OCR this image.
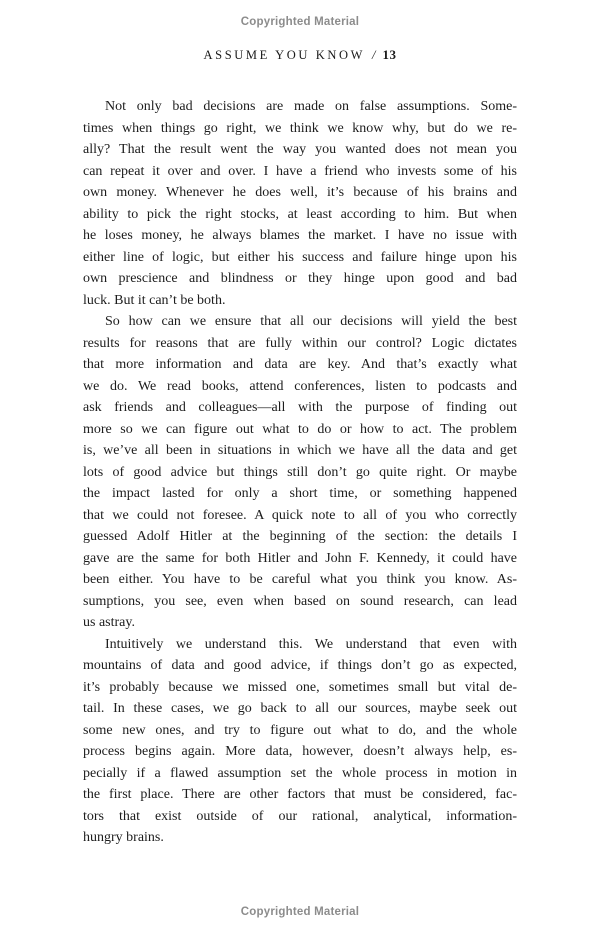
Copyrighted Material
ASSUME YOU KNOW / 13
Not only bad decisions are made on false assumptions. Some-
times when things go right, we think we know why, but do we re-
ally? That the result went the way you wanted does not mean you
can repeat it over and over. I have a friend who invests some of his
own money. Whenever he does well, it’s because of his brains and
ability to pick the right stocks, at least according to him. But when
he loses money, he always blames the market. I have no issue with
either line of logic, but either his success and failure hinge upon his
own prescience and blindness or they hinge upon good and bad
luck. But it can’t be both.
So how can we ensure that all our decisions will yield the best
results for reasons that are fully within our control? Logic dictates
that more information and data are key. And that’s exactly what
we do. We read books, attend conferences, listen to podcasts and
ask friends and colleagues—all with the purpose of finding out
more so we can figure out what to do or how to act. The problem
is, we’ve all been in situations in which we have all the data and get
lots of good advice but things still don’t go quite right. Or maybe
the impact lasted for only a short time, or something happened
that we could not foresee. A quick note to all of you who correctly
guessed Adolf Hitler at the beginning of the section: the details I
gave are the same for both Hitler and John F. Kennedy, it could have
been either. You have to be careful what you think you know. As-
sumptions, you see, even when based on sound research, can lead
us astray.
Intuitively we understand this. We understand that even with
mountains of data and good advice, if things don’t go as expected,
it’s probably because we missed one, sometimes small but vital de-
tail. In these cases, we go back to all our sources, maybe seek out
some new ones, and try to figure out what to do, and the whole
process begins again. More data, however, doesn’t always help, es-
pecially if a flawed assumption set the whole process in motion in
the first place. There are other factors that must be considered, fac-
tors that exist outside of our rational, analytical, information-
hungry brains.
Copyrighted Material
